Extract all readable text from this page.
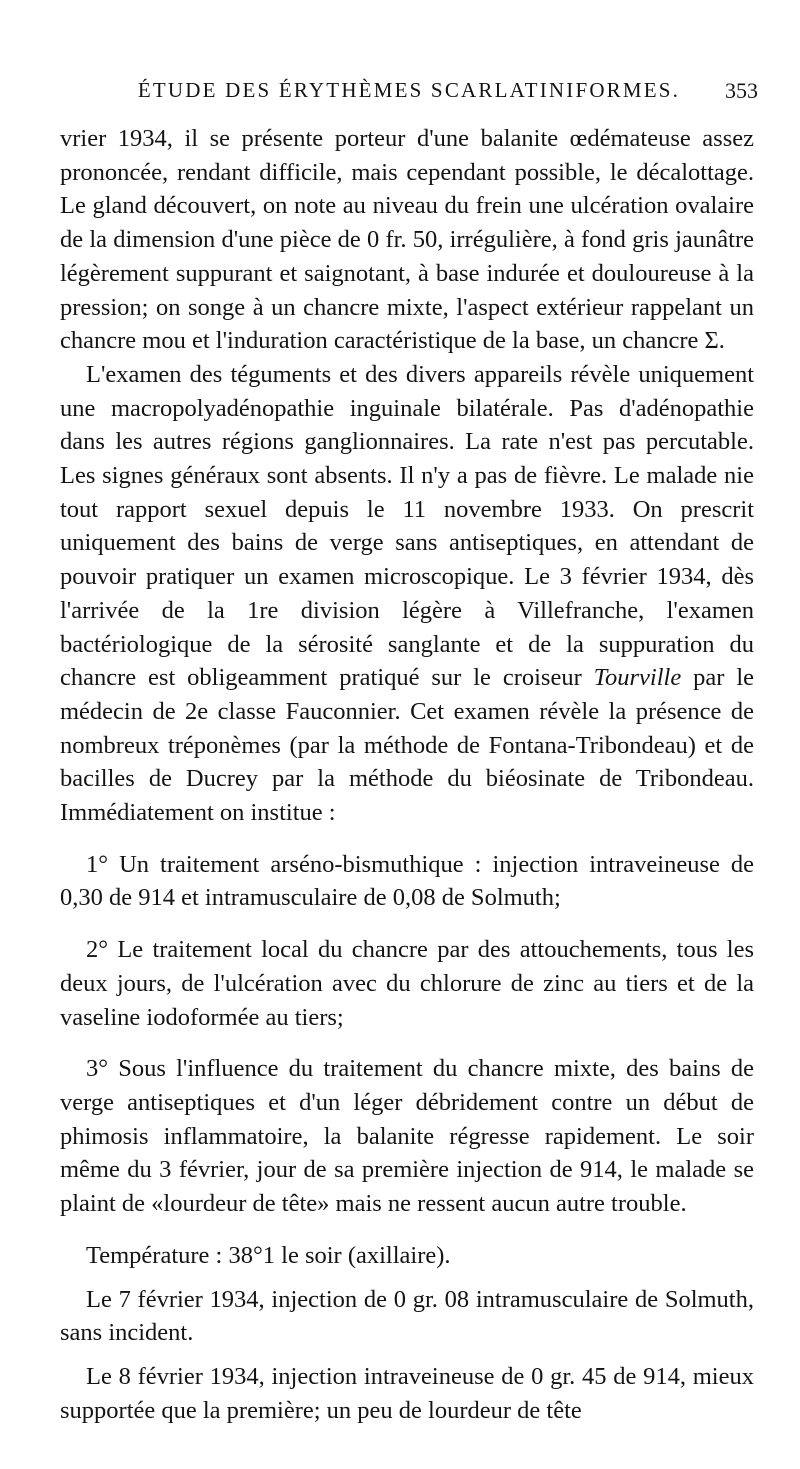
ÉTUDE DES ÉRYTHÈMES SCARLATINIFORMES.	353

vrier 1934, il se présente porteur d'une balanite œdémateuse assez prononcée, rendant difficile, mais cependant possible, le décalottage. Le gland découvert, on note au niveau du frein une ulcération ovalaire de la dimension d'une pièce de 0 fr. 50, irrégulière, à fond gris jaunâtre légèrement suppurant et saignotant, à base indurée et douloureuse à la pression; on songe à un chancre mixte, l'aspect extérieur rappelant un chancre mou et l'induration caractéristique de la base, un chancre Σ.

L'examen des téguments et des divers appareils révèle uniquement une macropolyadénopathie inguinale bilatérale. Pas d'adénopathie dans les autres régions ganglionnaires. La rate n'est pas percutable. Les signes généraux sont absents. Il n'y a pas de fièvre. Le malade nie tout rapport sexuel depuis le 11 novembre 1933. On prescrit uniquement des bains de verge sans antiseptiques, en attendant de pouvoir pratiquer un examen microscopique. Le 3 février 1934, dès l'arrivée de la 1re division légère à Villefranche, l'examen bactériologique de la sérosité sanglante et de la suppuration du chancre est obligeamment pratiqué sur le croiseur Tourville par le médecin de 2e classe Fauconnier. Cet examen révèle la présence de nombreux tréponèmes (par la méthode de Fontana-Tribondeau) et de bacilles de Ducrey par la méthode du biéosinate de Tribondeau. Immédiatement on institue :

1° Un traitement arséno-bismuthique : injection intraveineuse de 0,30 de 914 et intramusculaire de 0,08 de Solmuth;

2° Le traitement local du chancre par des attouchements, tous les deux jours, de l'ulcération avec du chlorure de zinc au tiers et de la vaseline iodoformée au tiers;

3° Sous l'influence du traitement du chancre mixte, des bains de verge antiseptiques et d'un léger débridement contre un début de phimosis inflammatoire, la balanite régresse rapidement. Le soir même du 3 février, jour de sa première injection de 914, le malade se plaint de «lourdeur de tête» mais ne ressent aucun autre trouble.

Température : 38°1 le soir (axillaire).

Le 7 février 1934, injection de 0 gr. 08 intramusculaire de Solmuth, sans incident.

Le 8 février 1934, injection intraveineuse de 0 gr. 45 de 914, mieux supportée que la première; un peu de lourdeur de tête
